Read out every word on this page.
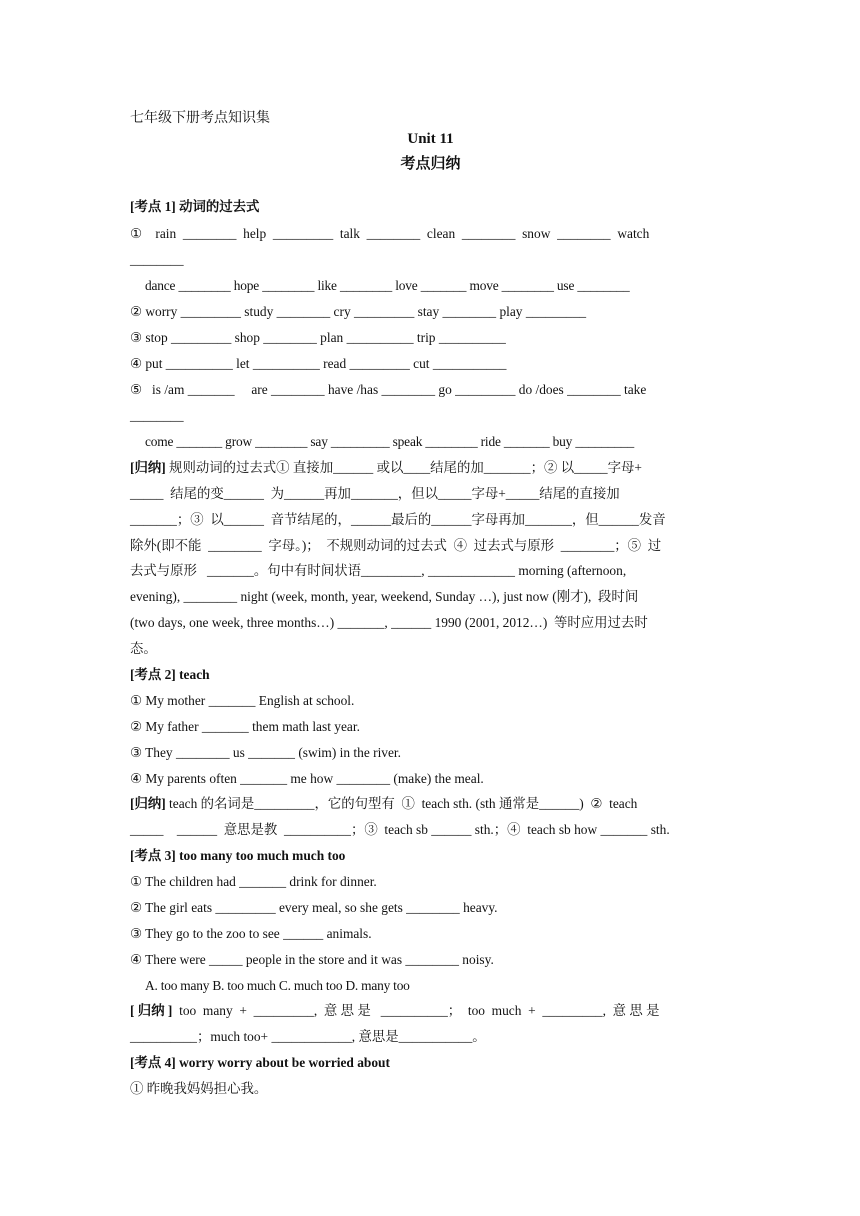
七年级下册考点知识集
Unit 11
考点归纳
[考点 1] 动词的过去式
①    rain  ________  help  _________  talk  ________  clean  ________  snow  ________  watch
________
dance ________ hope ________ like ________ love _______ move ________ use ________
② worry _________ study ________ cry _________ stay ________ play _________
③ stop _________ shop ________ plan __________ trip __________
④ put __________ let __________ read _________ cut ___________
⑤   is /am _______     are ________ have /has ________ go _________ do /does ________ take
________
come _______ grow ________ say _________ speak ________ ride _______ buy _________
[归纳] 规则动词的过去式① 直接加______ 或以____结尾的加_______；② 以_____字母+
_____  结尾的变______  为______再加_______，但以_____字母+_____结尾的直接加
_______；③  以______  音节结尾的，______最后的______字母再加_______，但______发音
除外(即不能  ________  字母。)；  不规则动词的过去式  ④  过去式与原形  ________；⑤  过
去式与原形   _______。句中有时间状语_________, _____________ morning (afternoon,
evening), ________ night (week, month, year, weekend, Sunday …), just now (刚才),  段时间
(two days, one week, three months…) _______, ______ 1990 (2001, 2012…)  等时应用过去时
态。
[考点 2] teach
① My mother _______ English at school.
② My father _______ them math last year.
③ They ________ us _______ (swim) in the river.
④ My parents often _______ me how ________ (make) the meal.
[归纳] teach 的名词是_________，它的句型有  ①  teach sth. (sth 通常是______)  ②  teach
_____    ______  意思是教  __________；③  teach sb ______ sth.；④  teach sb how _______ sth.
[考点 3] too many too much much too
① The children had _______ drink for dinner.
② The girl eats _________ every meal, so she gets ________ heavy.
③ They go to the zoo to see ______ animals.
④ There were _____ people in the store and it was ________ noisy.
A. too many B. too much C. much too D. many too
[ 归纳 ]  too  many  +  _________,  意 思 是   __________；  too  much  +  _________,  意 思 是
__________；much too+ ____________, 意思是___________。
[考点 4] worry worry about be worried about
① 昨晚我妈妈担心我。
